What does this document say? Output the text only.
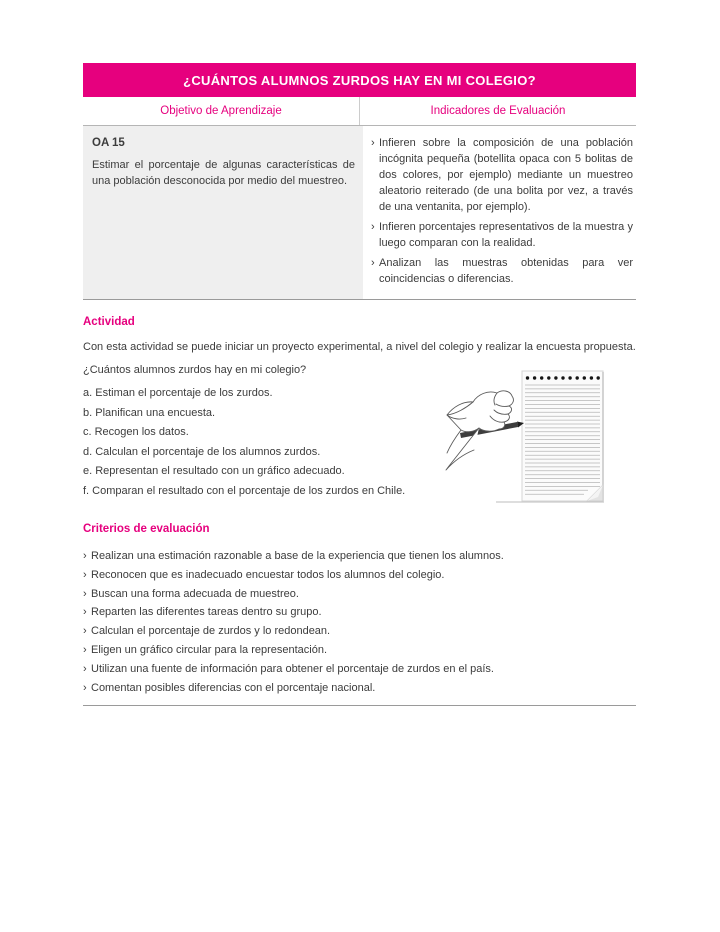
¿CUÁNTOS ALUMNOS ZURDOS HAY EN MI COLEGIO?
Objetivo de Aprendizaje	Indicadores de Evaluación
OA 15
Estimar el porcentaje de algunas características de una población desconocida por medio del muestreo.
› Infieren sobre la composición de una población incógnita pequeña (botellita opaca con 5 bolitas de dos colores, por ejemplo) mediante un muestreo aleatorio reiterado (de una bolita por vez, a través de una ventanita, por ejemplo).
› Infieren porcentajes representativos de la muestra y luego comparan con la realidad.
› Analizan las muestras obtenidas para ver coincidencias o diferencias.
Actividad

Con esta actividad se puede iniciar un proyecto experimental, a nivel del colegio y realizar la encuesta propuesta.

¿Cuántos alumnos zurdos hay en mi colegio?

a. Estiman el porcentaje de los zurdos.
b. Planifican una encuesta.
c. Recogen los datos.
d. Calculan el porcentaje de los alumnos zurdos.
e. Representan el resultado con un gráfico adecuado.
f. Comparan el resultado con el porcentaje de los zurdos en Chile.
Criterios de evaluación
› Realizan una estimación razonable a base de la experiencia que tienen los alumnos.
› Reconocen que es inadecuado encuestar todos los alumnos del colegio.
› Buscan una forma adecuada de muestreo.
› Reparten las diferentes tareas dentro su grupo.
› Calculan el porcentaje de zurdos y lo redondean.
› Eligen un gráfico circular para la representación.
› Utilizan una fuente de información para obtener el porcentaje de zurdos en el país.
› Comentan posibles diferencias con el porcentaje nacional.
